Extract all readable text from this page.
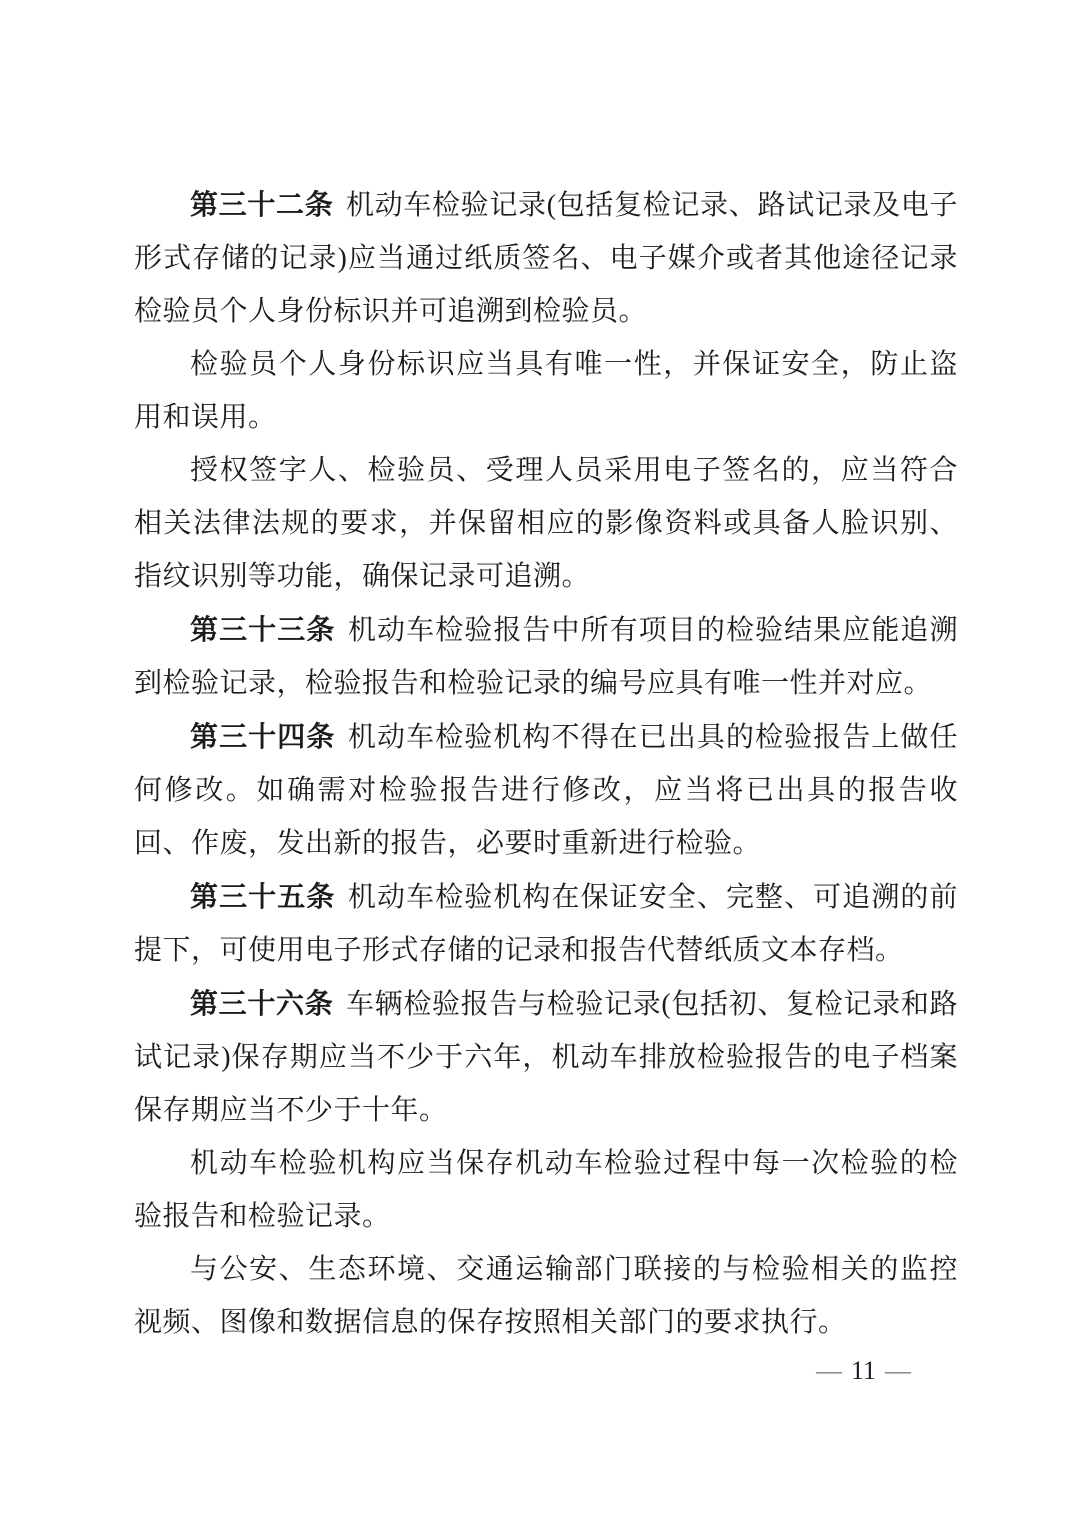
第三十二条 机动车检验记录(包括复检记录、路试记录及电子形式存储的记录)应当通过纸质签名、电子媒介或者其他途径记录检验员个人身份标识并可追溯到检验员。

检验员个人身份标识应当具有唯一性，并保证安全，防止盗用和误用。

授权签字人、检验员、受理人员采用电子签名的，应当符合相关法律法规的要求，并保留相应的影像资料或具备人脸识别、指纹识别等功能，确保记录可追溯。

第三十三条 机动车检验报告中所有项目的检验结果应能追溯到检验记录，检验报告和检验记录的编号应具有唯一性并对应。

第三十四条 机动车检验机构不得在已出具的检验报告上做任何修改。如确需对检验报告进行修改，应当将已出具的报告收回、作废，发出新的报告，必要时重新进行检验。

第三十五条 机动车检验机构在保证安全、完整、可追溯的前提下，可使用电子形式存储的记录和报告代替纸质文本存档。

第三十六条 车辆检验报告与检验记录(包括初、复检记录和路试记录)保存期应当不少于六年，机动车排放检验报告的电子档案保存期应当不少于十年。

机动车检验机构应当保存机动车检验过程中每一次检验的检验报告和检验记录。

与公安、生态环境、交通运输部门联接的与检验相关的监控视频、图像和数据信息的保存按照相关部门的要求执行。

— 11 —
